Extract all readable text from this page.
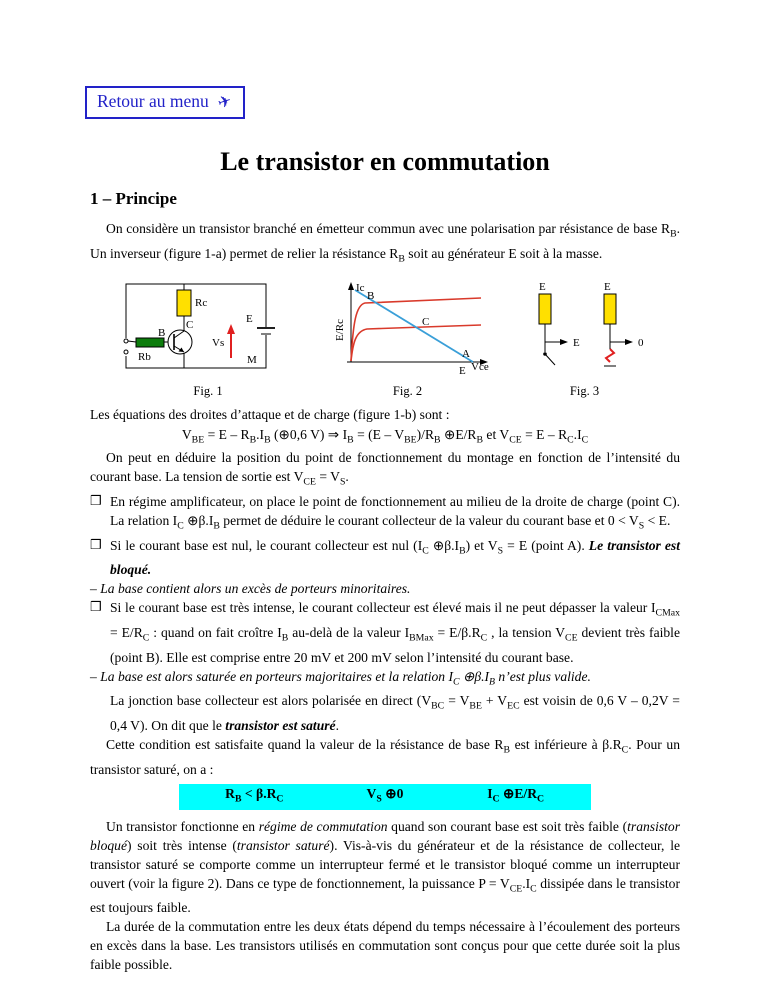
Retour au menu ✈
Le transistor en commutation
1 – Principe

On considère un transistor branché en émetteur commun avec une polarisation par résistance de base $R_B$. Un inverseur (figure 1-a) permet de relier la résistance $R_B$ soit au générateur E soit à la masse.

Rc
Rb
C
B
Vs
E
M
Fig. 1
Ic
E/Rc
B
C
A
E Vce
Fig. 2
E
E
E
0
Fig. 3

Les équations des droites d’attaque et de charge (figure 1-b) sont :

$V_{BE} = E - R_B.I_B$ (⊕0,6 V) ⇒ $I_B = (E - V_{BE})/R_B$ $\oplus E/R_B$ et $V_{CE} = E - R_C.I_C$

On peut en déduire la position du point de fonctionnement du montage en fonction de l’intensité du courant base. La tension de sortie est $V_{CE} = V_S$.

❒ En régime amplificateur, on place le point de fonctionnement au milieu de la droite de charge (point C). La relation $I_C$ $\oplus\beta.I_B$ permet de déduire le courant collecteur de la valeur du courant base et $0 < V_S < E$.
❒ Si le courant base est nul, le courant collecteur est nul ($I_C$ $\oplus\beta.I_B$) et $V_S = E$ (point A). Le transistor est bloqué.

– La base contient alors un excès de porteurs minoritaires.

❒ Si le courant base est très intense, le courant collecteur est élevé mais il ne peut dépasser la valeur $I_{CMax} = E/R_C$ : quand on fait croître $I_B$ au-delà de la valeur $I_{BMax} = E/\beta.R_C$ , la tension $V_{CE}$ devient très faible (point B). Elle est comprise entre 20 mV et 200 mV selon l’intensité du courant base.

– La base est alors saturée en porteurs majoritaires et la relation $I_C$ $\oplus\beta.I_B$ n’est plus valide.

La jonction base collecteur est alors polarisée en direct ($V_{BC} = V_{BE} + V_{EC}$ est voisin de 0,6 V – 0,2V = 0,4 V). On dit que le transistor est saturé.

Cette condition est satisfaite quand la valeur de la résistance de base $R_B$ est inférieure à $\beta.R_C$. Pour un transistor saturé, on a :

$R_B < \beta.R_C$	$V_S$ ⊕0	$I_C$ $\oplus E/R_C$

Un transistor fonctionne en régime de commutation quand son courant base est soit très faible (transistor bloqué) soit très intense (transistor saturé). Vis-à-vis du générateur et de la résistance de collecteur, le transistor saturé se comporte comme un interrupteur fermé et le transistor bloqué comme un interrupteur ouvert (voir la figure 2). Dans ce type de fonctionnement, la puissance $P = V_{CE}.I_C$ dissipée dans le transistor est toujours faible.

La durée de la commutation entre les deux états dépend du temps nécessaire à l’écoulement des porteurs en excès dans la base. Les transistors utilisés en commutation sont conçus pour que cette durée soit la plus faible possible.
